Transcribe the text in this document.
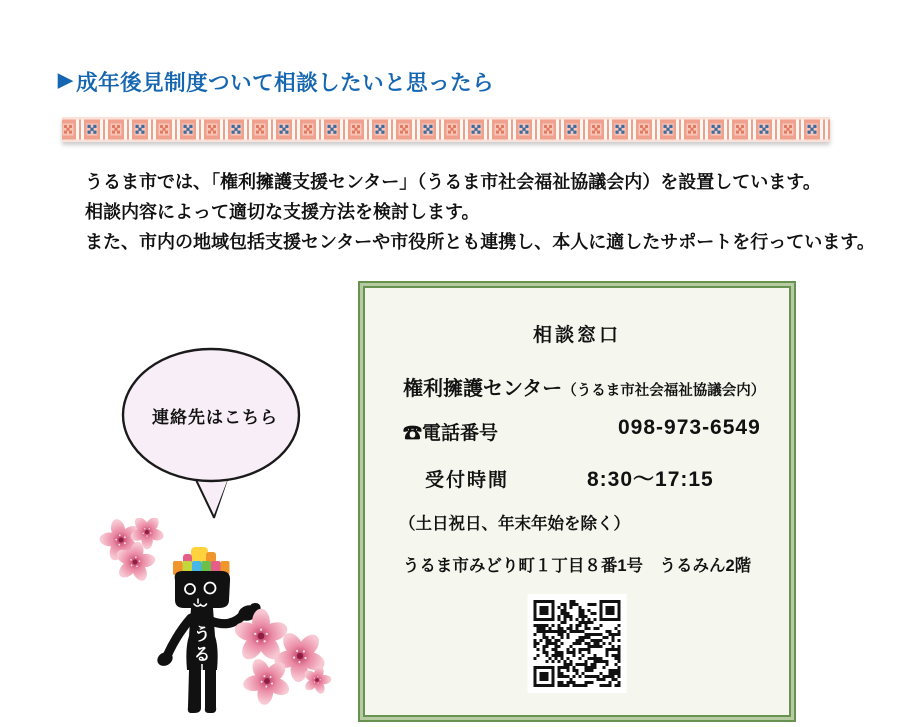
▶ 成年後見制度ついて相談したいと思ったら
うるま市では、「権利擁護支援センター」（うるま市社会福祉協議会内）を設置しています。
相談内容によって適切な支援方法を検討します。
また、市内の地域包括支援センターや市役所とも連携し、本人に適したサポートを行っています。
連絡先はこちら
う
る
相談窓口
権利擁護センター（うるま市社会福祉協議会内）
☎電話番号	098-973-6549
受付時間	8:30～17:15
（土日祝日、年末年始を除く）
うるま市みどり町１丁目８番1号　うるみん2階
